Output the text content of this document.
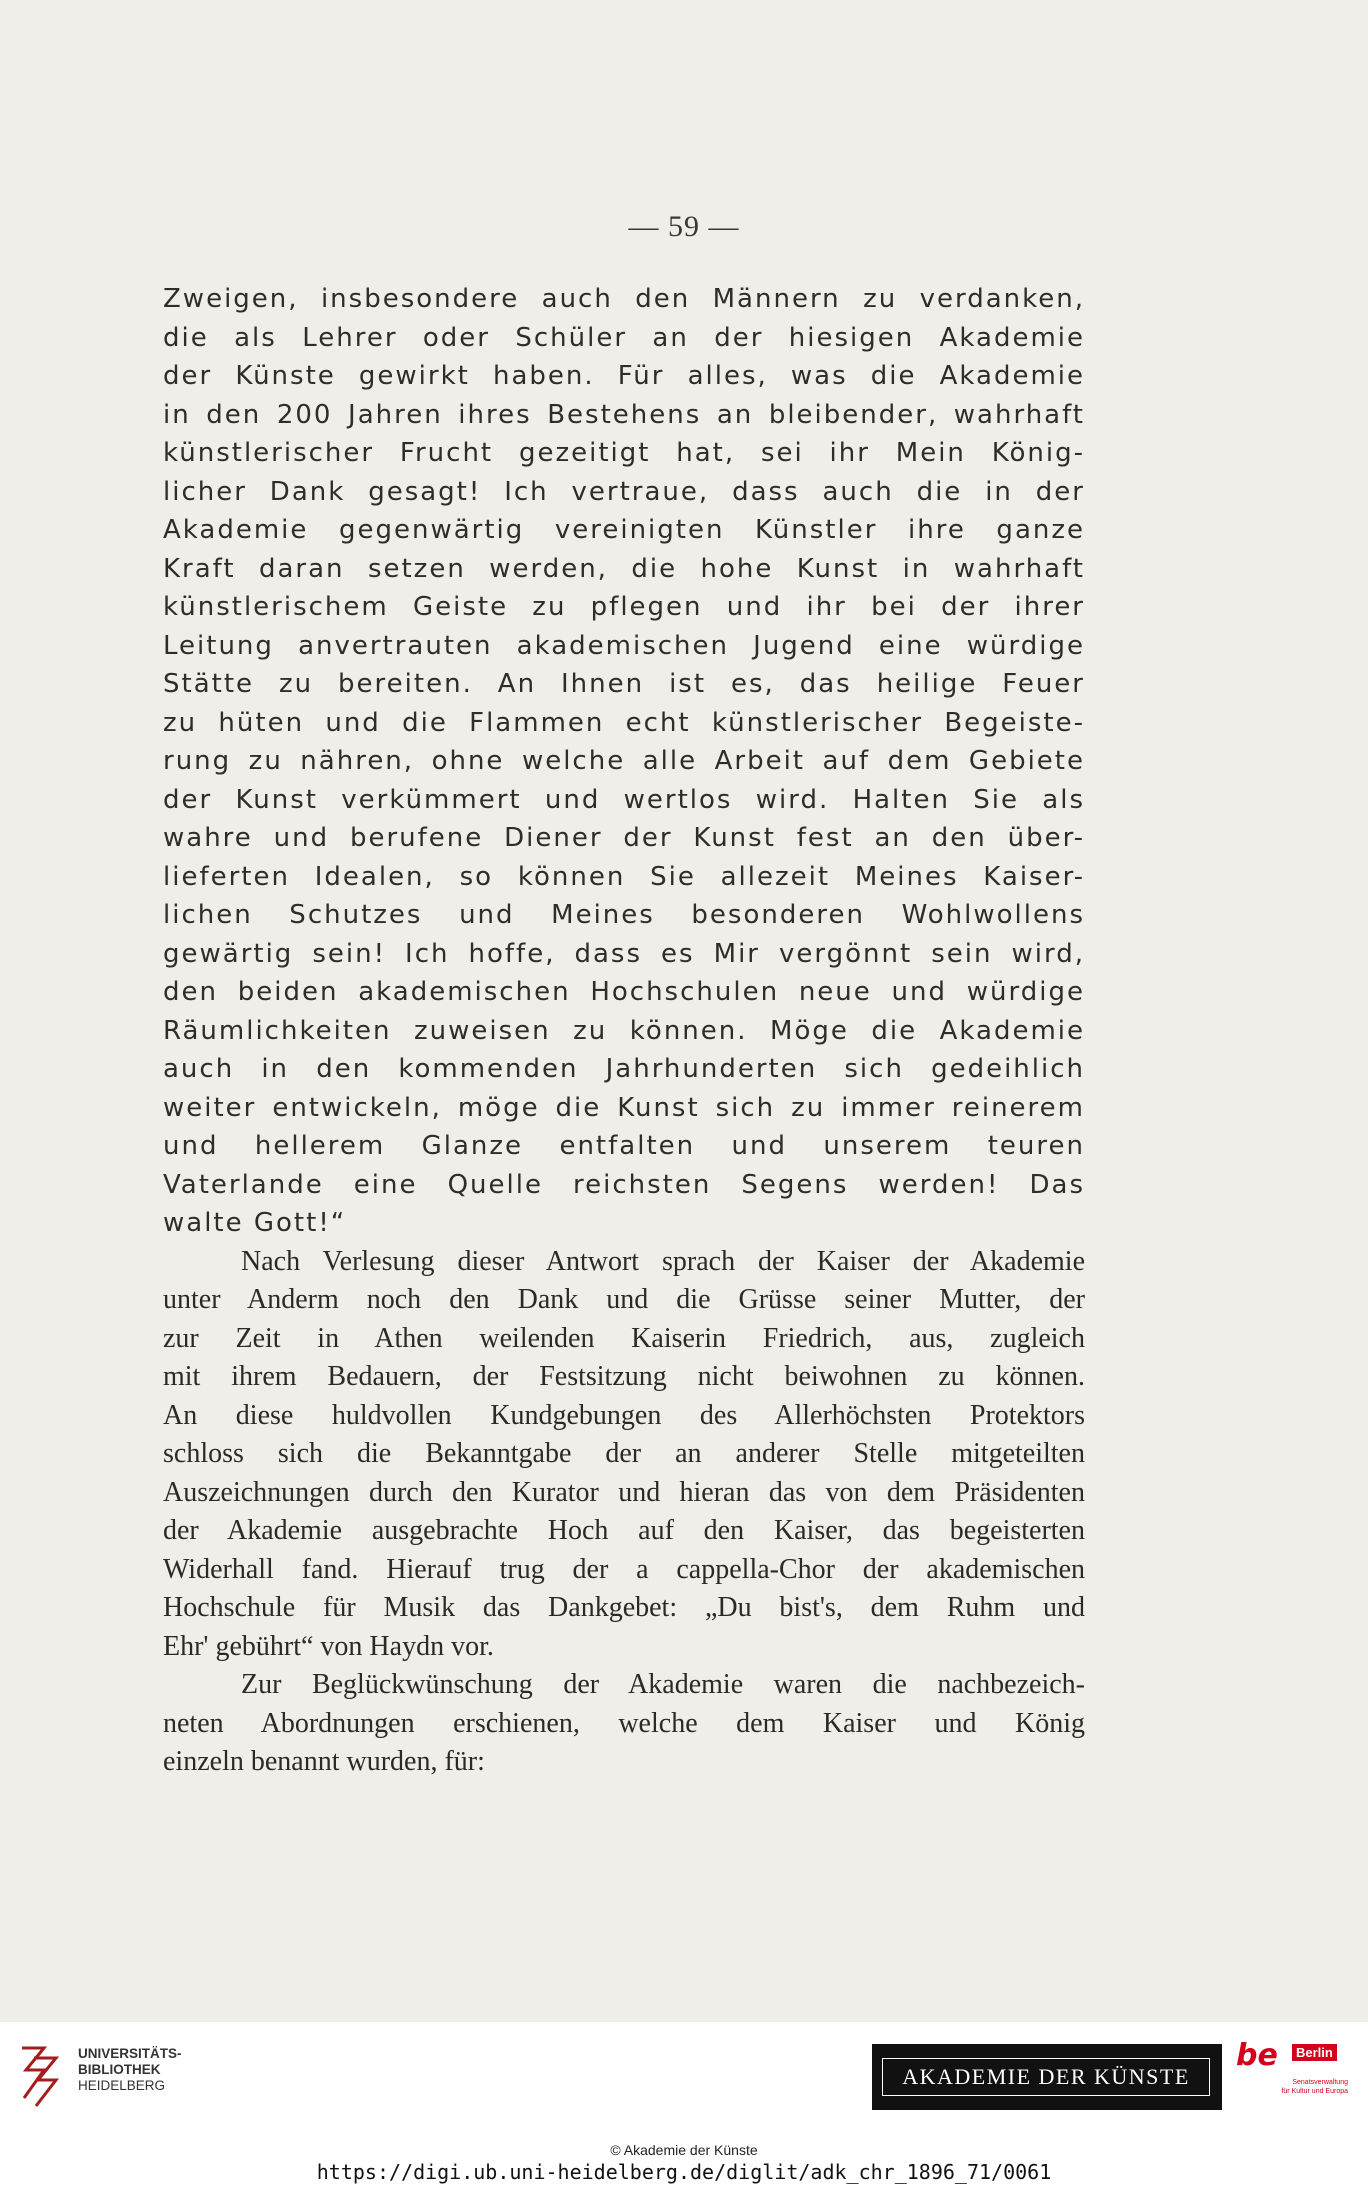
— 59 —
Zweigen, insbesondere auch den Männern zu verdanken,
die als Lehrer oder Schüler an der hiesigen Akademie
der Künste gewirkt haben. Für alles, was die Akademie
in den 200 Jahren ihres Bestehens an bleibender, wahrhaft
künstlerischer Frucht gezeitigt hat, sei ihr Mein König-
licher Dank gesagt! Ich vertraue, dass auch die in der
Akademie gegenwärtig vereinigten Künstler ihre ganze
Kraft daran setzen werden, die hohe Kunst in wahrhaft
künstlerischem Geiste zu pflegen und ihr bei der ihrer
Leitung anvertrauten akademischen Jugend eine würdige
Stätte zu bereiten. An Ihnen ist es, das heilige Feuer
zu hüten und die Flammen echt künstlerischer Begeiste-
rung zu nähren, ohne welche alle Arbeit auf dem Gebiete
der Kunst verkümmert und wertlos wird. Halten Sie als
wahre und berufene Diener der Kunst fest an den über-
lieferten Idealen, so können Sie allezeit Meines Kaiser-
lichen Schutzes und Meines besonderen Wohlwollens
gewärtig sein! Ich hoffe, dass es Mir vergönnt sein wird,
den beiden akademischen Hochschulen neue und würdige
Räumlichkeiten zuweisen zu können. Möge die Akademie
auch in den kommenden Jahrhunderten sich gedeihlich
weiter entwickeln, möge die Kunst sich zu immer reinerem
und hellerem Glanze entfalten und unserem teuren
Vaterlande eine Quelle reichsten Segens werden! Das
walte Gott!“
Nach Verlesung dieser Antwort sprach der Kaiser der Akademie
unter Anderm noch den Dank und die Grüsse seiner Mutter, der
zur Zeit in Athen weilenden Kaiserin Friedrich, aus, zugleich
mit ihrem Bedauern, der Festsitzung nicht beiwohnen zu können.
An diese huldvollen Kundgebungen des Allerhöchsten Protektors
schloss sich die Bekanntgabe der an anderer Stelle mitgeteilten
Auszeichnungen durch den Kurator und hieran das von dem Präsidenten
der Akademie ausgebrachte Hoch auf den Kaiser, das begeisterten
Widerhall fand. Hierauf trug der a cappella-Chor der akademischen
Hochschule für Musik das Dankgebet: „Du bist's, dem Ruhm und
Ehr' gebührt“ von Haydn vor.
Zur Beglückwünschung der Akademie waren die nachbezeich-
neten Abordnungen erschienen, welche dem Kaiser und König
einzeln benannt wurden, für:
UNIVERSITÄTS-
BIBLIOTHEK
HEIDELBERG	AKADEMIE DER KÜNSTE
be	Berlin
Senatsverwaltung
für Kultur und Europa
© Akademie der Künste
https://digi.ub.uni-heidelberg.de/diglit/adk_chr_1896_71/0061
